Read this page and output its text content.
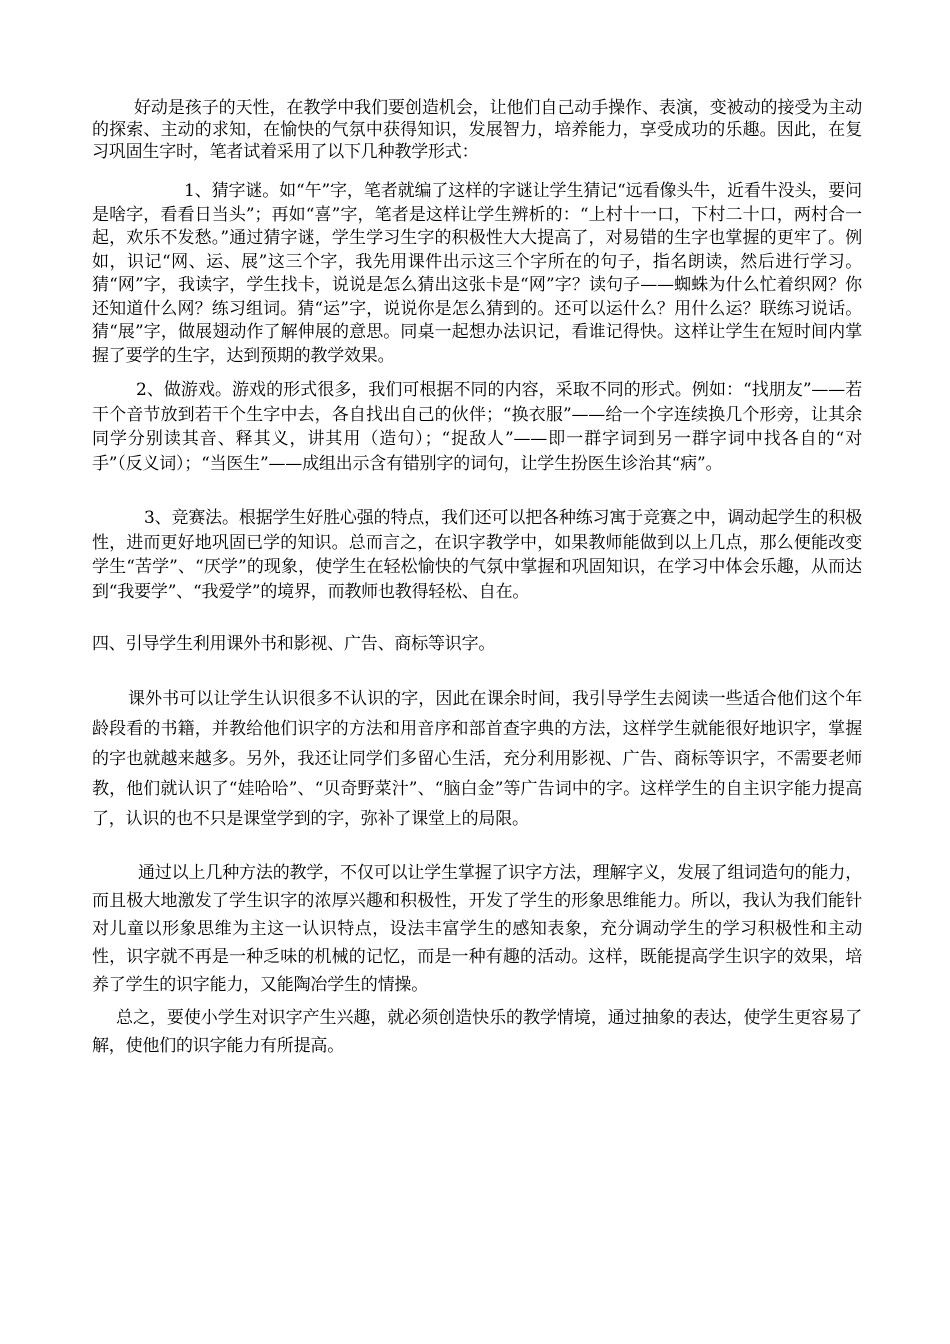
好动是孩子的天性，在教学中我们要创造机会，让他们自己动手操作、表演，变被动的接受为主动的探索、主动的求知，在愉快的气氛中获得知识，发展智力，培养能力，享受成功的乐趣。因此，在复习巩固生字时，笔者试着采用了以下几种教学形式：

1、猜字谜。如“午”字，笔者就编了这样的字谜让学生猜记“远看像头牛，近看牛没头，要问是啥字，看看日当头”；再如“喜”字，笔者是这样让学生辨析的：“上村十一口，下村二十口，两村合一起，欢乐不发愁。”通过猜字谜，学生学习生字的积极性大大提高了，对易错的生字也掌握的更牢了。例如，识记“网、运、展”这三个字，我先用课件出示这三个字所在的句子，指名朗读，然后进行学习。猜“网”字，我读字，学生找卡，说说是怎么猜出这张卡是“网”字？读句子——蜘蛛为什么忙着织网？你还知道什么网？练习组词。猜“运”字，说说你是怎么猜到的。还可以运什么？用什么运？联练习说话。猜“展”字，做展翅动作了解伸展的意思。同桌一起想办法识记，看谁记得快。这样让学生在短时间内掌握了要学的生字，达到预期的教学效果。

2、做游戏。游戏的形式很多，我们可根据不同的内容，采取不同的形式。例如：“找朋友”——若干个音节放到若干个生字中去，各自找出自己的伙伴；“换衣服”——给一个字连续换几个形旁，让其余同学分别读其音、释其义，讲其用（造句）；“捉敌人”——即一群字词到另一群字词中找各自的“对手”（反义词）；“当医生”——成组出示含有错别字的词句，让学生扮医生诊治其“病”。

3、竞赛法。根据学生好胜心强的特点，我们还可以把各种练习寓于竞赛之中，调动起学生的积极性，进而更好地巩固已学的知识。总而言之，在识字教学中，如果教师能做到以上几点，那么便能改变学生“苦学”、“厌学”的现象，使学生在轻松愉快的气氛中掌握和巩固知识，在学习中体会乐趣，从而达到“我要学”、“我爱学”的境界，而教师也教得轻松、自在。

四、引导学生利用课外书和影视、广告、商标等识字。

课外书可以让学生认识很多不认识的字，因此在课余时间，我引导学生去阅读一些适合他们这个年龄段看的书籍，并教给他们识字的方法和用音序和部首查字典的方法，这样学生就能很好地识字，掌握的字也就越来越多。另外，我还让同学们多留心生活，充分利用影视、广告、商标等识字，不需要老师教，他们就认识了“娃哈哈”、“贝奇野菜汁”、“脑白金”等广告词中的字。这样学生的自主识字能力提高了，认识的也不只是课堂学到的字，弥补了课堂上的局限。

通过以上几种方法的教学，不仅可以让学生掌握了识字方法，理解字义，发展了组词造句的能力，而且极大地激发了学生识字的浓厚兴趣和积极性，开发了学生的形象思维能力。所以，我认为我们能针对儿童以形象思维为主这一认识特点，设法丰富学生的感知表象，充分调动学生的学习积极性和主动性，识字就不再是一种乏味的机械的记忆，而是一种有趣的活动。这样，既能提高学生识字的效果，培养了学生的识字能力，又能陶冶学生的情操。

总之，要使小学生对识字产生兴趣，就必须创造快乐的教学情境，通过抽象的表达，使学生更容易了解，使他们的识字能力有所提高。
